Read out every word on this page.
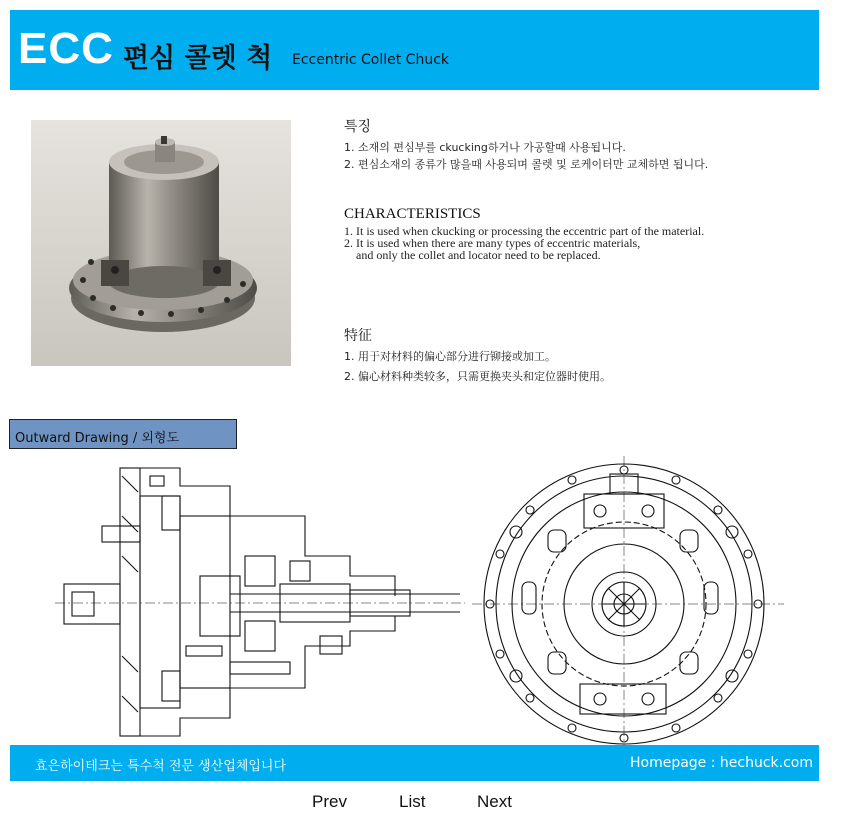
ECC 편심 콜렛 척 Eccentric Collet Chuck
특징
1. 소재의 편심부를 ckucking하거나 가공할때 사용됩니다.
2. 편심소재의 종류가 많을때 사용되며 콜렛 및 로케이터만 교체하면 됩니다.
CHARACTERISTICS
1. It is used when ckucking or processing the eccentric part of the material.
2. It is used when there are many types of eccentric materials,
and only the collet and locator need to be replaced.
特征
1. 用于对材料的偏心部分进行铆接或加工。
2. 偏心材料种类较多，只需更换夹头和定位器时使用。
Outward Drawing / 외형도
효은하이테크는 특수척 전문 생산업체입니다	Homepage : hechuck.com
Prev	List	Next
